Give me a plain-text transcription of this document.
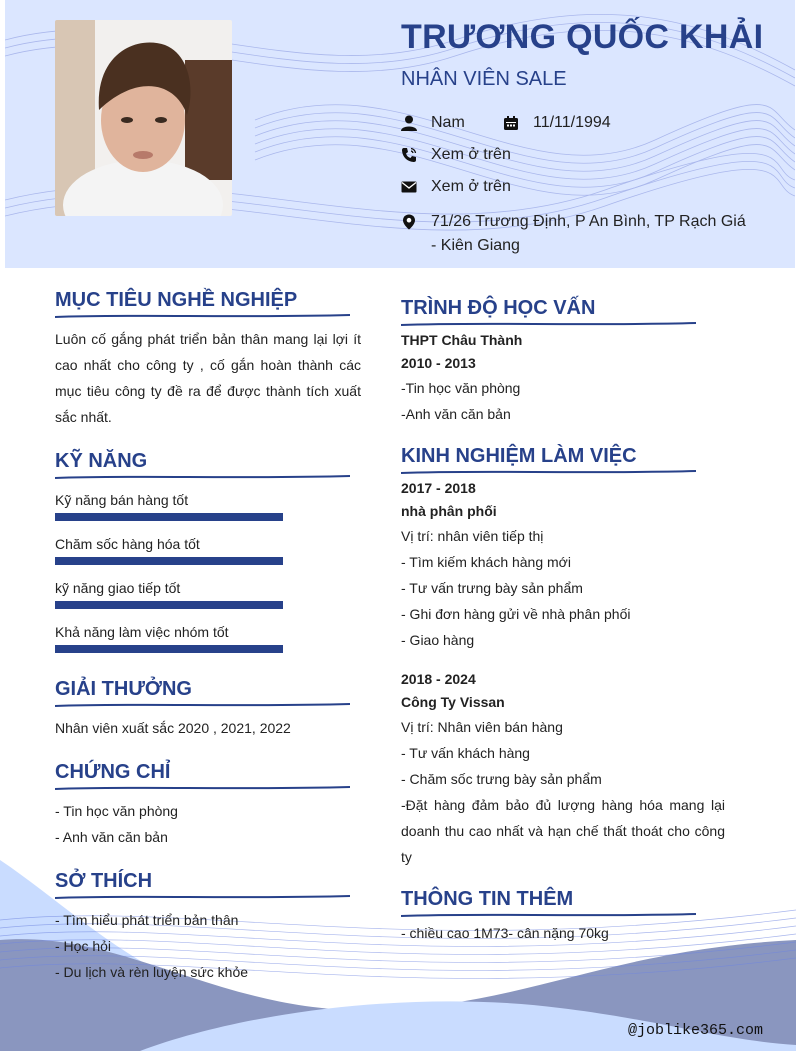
TRƯƠNG QUỐC KHẢI
NHÂN VIÊN SALE
Nam	11/11/1994
Xem ở trên
Xem ở trên
71/26 Trương Định, P An Bình, TP Rạch Giá - Kiên Giang
@joblike365.com
MỤC TIÊU NGHỀ NGHIỆP
Luôn cố gắng phát triển bản thân mang lại lợi ít cao nhất cho công ty , cố gắn hoàn thành các mục tiêu công ty đề ra để được thành tích xuất sắc nhất.
KỸ NĂNG
Kỹ năng bán hàng tốt
Chăm sốc hàng hóa tốt
kỹ năng giao tiếp tốt
Khả năng làm việc nhóm tốt
GIẢI THƯỞNG
Nhân viên xuất sắc 2020 , 2021, 2022
CHỨNG CHỈ
- Tin học văn phòng
- Anh văn căn bản
SỞ THÍCH
- Tìm hiểu phát triển bản thân
- Học hỏi
- Du lịch và rèn luyện sức khỏe
TRÌNH ĐỘ HỌC VẤN
THPT Châu Thành
2010 - 2013
-Tin học văn phòng
-Anh văn căn bản
KINH NGHIỆM LÀM VIỆC
2017 - 2018
nhà phân phối
Vị trí: nhân viên tiếp thị
- Tìm kiếm khách hàng mới
- Tư vấn trưng bày sản phẩm
- Ghi đơn hàng gửi về nhà phân phối
- Giao hàng
2018 - 2024
Công Ty Vissan
Vị trí: Nhân viên bán hàng
- Tư vấn khách hàng
- Chăm sốc trưng bày sản phẩm
-Đặt hàng đảm bảo đủ lượng hàng hóa mang lại doanh thu cao nhất và hạn chế thất thoát cho công ty
THÔNG TIN THÊM
- chiều cao 1M73- cân nặng 70kg
